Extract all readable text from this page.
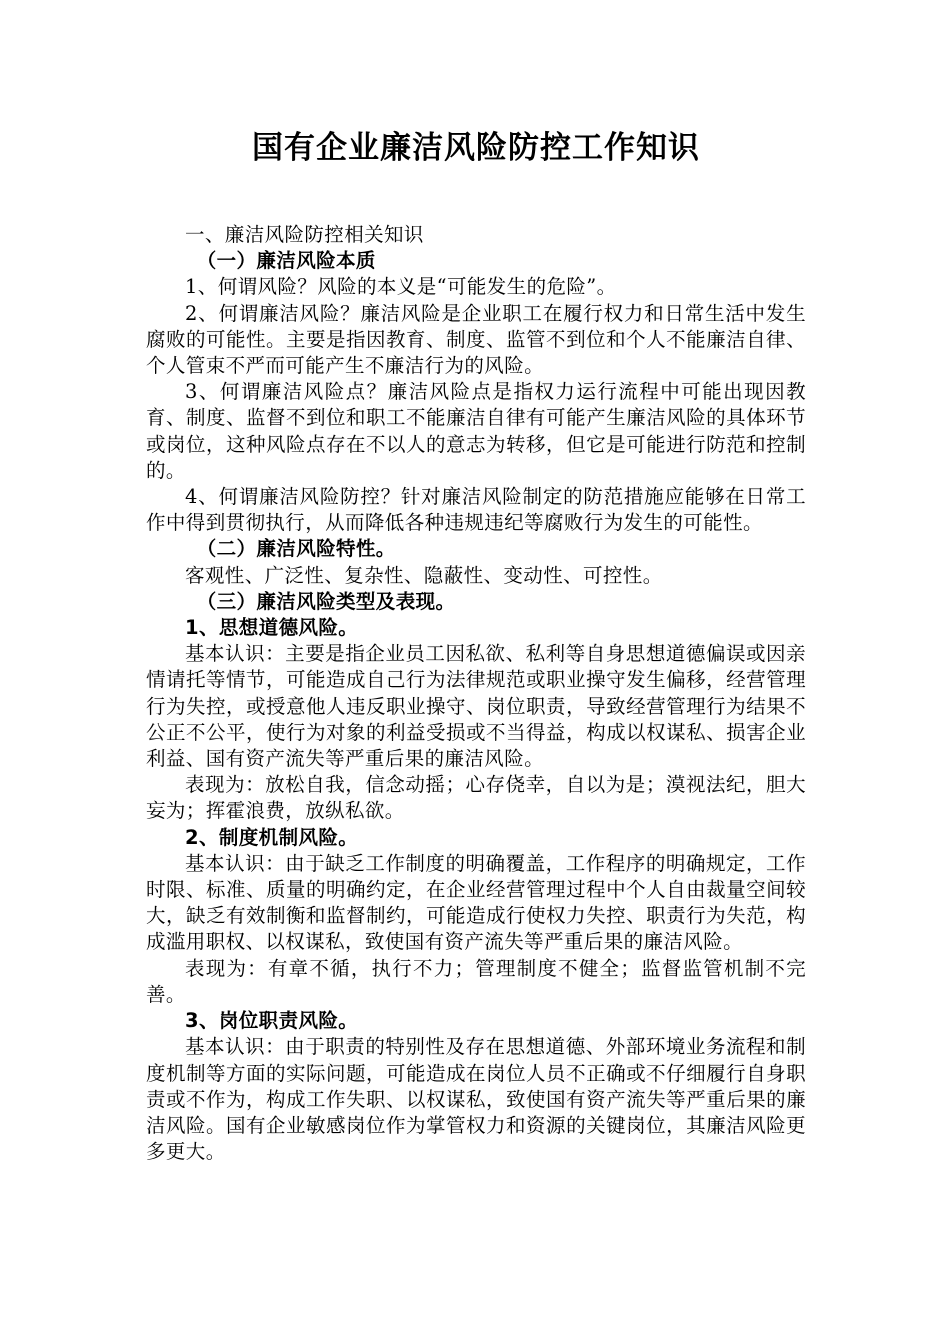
国有企业廉洁风险防控工作知识

一、廉洁风险防控相关知识

（一）廉洁风险本质

1、何谓风险？风险的本义是“可能发生的危险”。

2、何谓廉洁风险？廉洁风险是企业职工在履行权力和日常生活中发生腐败的可能性。主要是指因教育、制度、监管不到位和个人不能廉洁自律、个人管束不严而可能产生不廉洁行为的风险。

3、何谓廉洁风险点？廉洁风险点是指权力运行流程中可能出现因教育、制度、监督不到位和职工不能廉洁自律有可能产生廉洁风险的具体环节或岗位，这种风险点存在不以人的意志为转移，但它是可能进行防范和控制的。

4、何谓廉洁风险防控？针对廉洁风险制定的防范措施应能够在日常工作中得到贯彻执行，从而降低各种违规违纪等腐败行为发生的可能性。

（二）廉洁风险特性。

客观性、广泛性、复杂性、隐蔽性、变动性、可控性。

（三）廉洁风险类型及表现。

1、思想道德风险。

基本认识：主要是指企业员工因私欲、私利等自身思想道德偏误或因亲情请托等情节，可能造成自己行为法律规范或职业操守发生偏移，经营管理行为失控，或授意他人违反职业操守、岗位职责，导致经营管理行为结果不公正不公平，使行为对象的利益受损或不当得益，构成以权谋私、损害企业利益、国有资产流失等严重后果的廉洁风险。

表现为：放松自我，信念动摇；心存侥幸，自以为是；漠视法纪，胆大妄为；挥霍浪费，放纵私欲。

2、制度机制风险。

基本认识：由于缺乏工作制度的明确覆盖，工作程序的明确规定，工作时限、标准、质量的明确约定，在企业经营管理过程中个人自由裁量空间较大，缺乏有效制衡和监督制约，可能造成行使权力失控、职责行为失范，构成滥用职权、以权谋私，致使国有资产流失等严重后果的廉洁风险。

表现为：有章不循，执行不力；管理制度不健全；监督监管机制不完善。

3、岗位职责风险。

基本认识：由于职责的特别性及存在思想道德、外部环境业务流程和制度机制等方面的实际问题，可能造成在岗位人员不正确或不仔细履行自身职责或不作为，构成工作失职、以权谋私，致使国有资产流失等严重后果的廉洁风险。国有企业敏感岗位作为掌管权力和资源的关键岗位，其廉洁风险更多更大。
